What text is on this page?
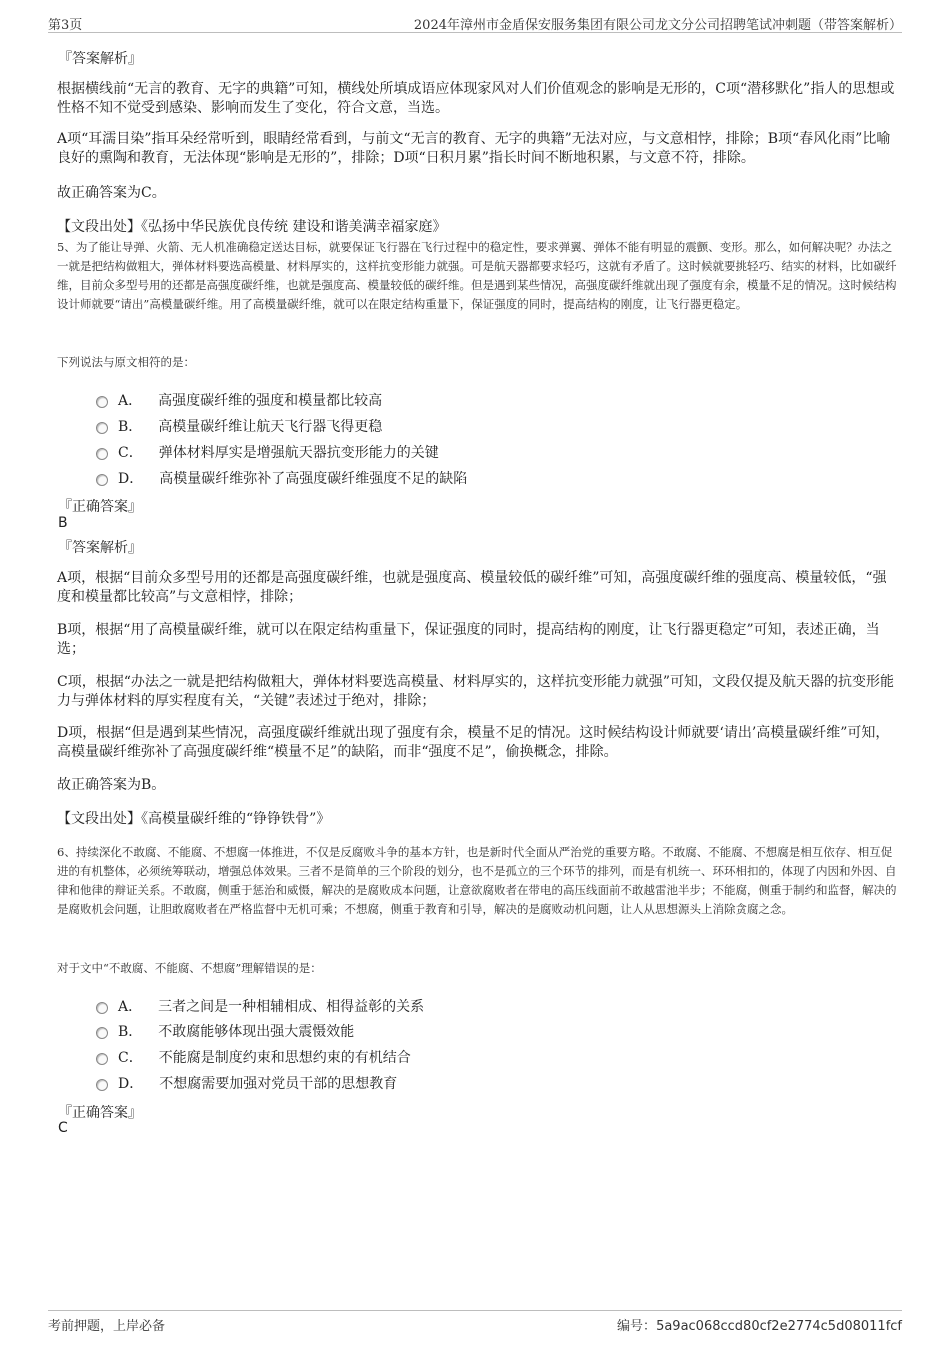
第3页	2024年漳州市金盾保安服务集团有限公司龙文分公司招聘笔试冲刺题（带答案解析）
『答案解析』
根据横线前“无言的教育、无字的典籍”可知，横线处所填成语应体现家风对人们价值观念的影响是无形的，C项“潜移默化”指人的思想或性格不知不觉受到感染、影响而发生了变化，符合文意，当选。
A项“耳濡目染”指耳朵经常听到，眼睛经常看到，与前文“无言的教育、无字的典籍”无法对应，与文意相悖，排除；B项“春风化雨”比喻良好的熏陶和教育，无法体现“影响是无形的”，排除；D项“日积月累”指长时间不断地积累，与文意不符，排除。
故正确答案为C。
【文段出处】《弘扬中华民族优良传统 建设和谐美满幸福家庭》
5、为了能让导弹、火箭、无人机准确稳定送达目标，就要保证飞行器在飞行过程中的稳定性，要求弹翼、弹体不能有明显的震颤、变形。那么，如何解决呢？办法之一就是把结构做粗大，弹体材料要选高模量、材料厚实的，这样抗变形能力就强。可是航天器都要求轻巧，这就有矛盾了。这时候就要挑轻巧、结实的材料，比如碳纤维，目前众多型号用的还都是高强度碳纤维，也就是强度高、模量较低的碳纤维。但是遇到某些情况，高强度碳纤维就出现了强度有余，模量不足的情况。这时候结构设计师就要“请出”高模量碳纤维。用了高模量碳纤维，就可以在限定结构重量下，保证强度的同时，提高结构的刚度，让飞行器更稳定。
下列说法与原文相符的是：
A． 高强度碳纤维的强度和模量都比较高
B． 高模量碳纤维让航天飞行器飞得更稳
C． 弹体材料厚实是增强航天器抗变形能力的关键
D． 高模量碳纤维弥补了高强度碳纤维强度不足的缺陷
『正确答案』
B
『答案解析』
A项，根据“目前众多型号用的还都是高强度碳纤维，也就是强度高、模量较低的碳纤维”可知，高强度碳纤维的强度高、模量较低，“强度和模量都比较高”与文意相悖，排除；
B项，根据“用了高模量碳纤维，就可以在限定结构重量下，保证强度的同时，提高结构的刚度，让飞行器更稳定”可知，表述正确，当选；
C项，根据“办法之一就是把结构做粗大，弹体材料要选高模量、材料厚实的，这样抗变形能力就强”可知，文段仅提及航天器的抗变形能力与弹体材料的厚实程度有关，“关键”表述过于绝对，排除；
D项，根据“但是遇到某些情况，高强度碳纤维就出现了强度有余，模量不足的情况。这时候结构设计师就要‘请出’高模量碳纤维”可知，高模量碳纤维弥补了高强度碳纤维“模量不足”的缺陷，而非“强度不足”，偷换概念，排除。
故正确答案为B。
【文段出处】《高模量碳纤维的“铮铮铁骨”》
6、持续深化不敢腐、不能腐、不想腐一体推进，不仅是反腐败斗争的基本方针，也是新时代全面从严治党的重要方略。不敢腐、不能腐、不想腐是相互依存、相互促进的有机整体，必须统筹联动，增强总体效果。三者不是简单的三个阶段的划分，也不是孤立的三个环节的排列，而是有机统一、环环相扣的，体现了内因和外因、自律和他律的辩证关系。不敢腐，侧重于惩治和威慑，解决的是腐败成本问题，让意欲腐败者在带电的高压线面前不敢越雷池半步；不能腐，侧重于制约和监督，解决的是腐败机会问题，让胆敢腐败者在严格监督中无机可乘；不想腐，侧重于教育和引导，解决的是腐败动机问题，让人从思想源头上消除贪腐之念。
对于文中“不敢腐、不能腐、不想腐”理解错误的是：
A． 三者之间是一种相辅相成、相得益彰的关系
B． 不敢腐能够体现出强大震慑效能
C． 不能腐是制度约束和思想约束的有机结合
D． 不想腐需要加强对党员干部的思想教育
『正确答案』
C
考前押题，上岸必备	编号：5a9ac068ccd80cf2e2774c5d08011fcf
